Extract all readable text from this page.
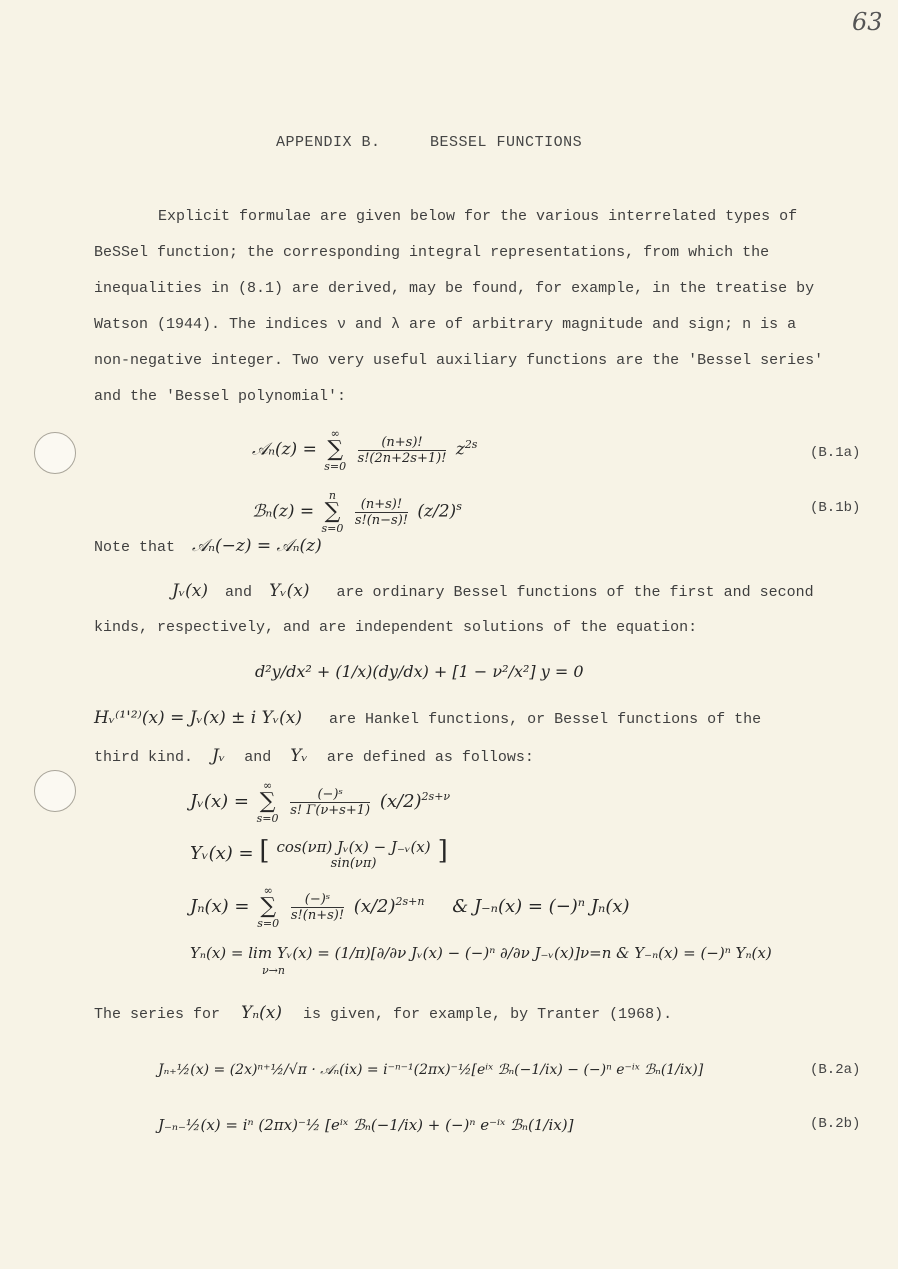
63
APPENDIX B.	BESSEL FUNCTIONS
Explicit formulae are given below for the various interrelated types of
BeSSel function; the corresponding integral representations, from which the
inequalities in (8.1) are derived, may be found, for example, in the treatise by
Watson (1944). The indices ν and λ are of arbitrary magnitude and sign; n is a
non-negative integer. Two very useful auxiliary functions are the 'Bessel series'
and the 'Bessel polynomial':
𝒜ₙ(z) =
∞
∑
s=0

$\frac{(n+s)!}{s!(2n+2s+1)!} z^{2s}$
(B.1a)
ℬₙ(z) =
n
∑
s=0

$\frac{(n+s)!}{s!(n-s)!} (z/2)^s$	(B.1b)
Note that 𝒜ₙ(−z) = 𝒜ₙ(z)
Jᵥ(x) and Yᵥ(x) are ordinary Bessel functions of the first and second
kinds, respectively, and are independent solutions of the equation:
d²y/dx² + (1/x)(dy/dx) + [1 − ν²/x²] y = 0
Hᵥ⁽¹'²⁾(x) = Jᵥ(x) ± i Yᵥ(x) are Hankel functions, or Bessel functions of the
third kind. Jᵥ and Yᵥ are defined as follows:
Jᵥ(x) =
∞
∑
s=0

$\frac{\text{(−)ˢ}}{s! \Gamma(\nu+s+1)} (x/2)^{2s+\nu}$
Yᵥ(x) = [ cos(νπ) Jᵥ(x) − J₋ᵥ(x)
sin(νπ)	]
Jₙ(x) =
∞
∑
s=0

$\frac{\text{(−)ˢ}}{s!(n+s)!} (x/2)^{2s+n}$ & J₋ₙ(x) = (−)ⁿ Jₙ(x)
Yₙ(x) = lim Yᵥ(x) = (1/π)[∂/∂ν Jᵥ(x) − (−)ⁿ ∂/∂ν J₋ᵥ(x)]ν=n & Y₋ₙ(x) = (−)ⁿ Yₙ(x)
ν→n
The series for Yₙ(x) is given, for example, by Tranter (1968).
Jₙ₊½(x) = (2x)ⁿ⁺½/√π · 𝒜ₙ(ix) = i⁻ⁿ⁻¹(2πx)⁻½[eⁱˣ ℬₙ(−1/ix) − (−)ⁿ e⁻ⁱˣ ℬₙ(1/ix)]	(B.2a)
J₋ₙ₋½(x) = iⁿ (2πx)⁻½ [eⁱˣ ℬₙ(−1/ix) + (−)ⁿ e⁻ⁱˣ ℬₙ(1/ix)]	(B.2b)
